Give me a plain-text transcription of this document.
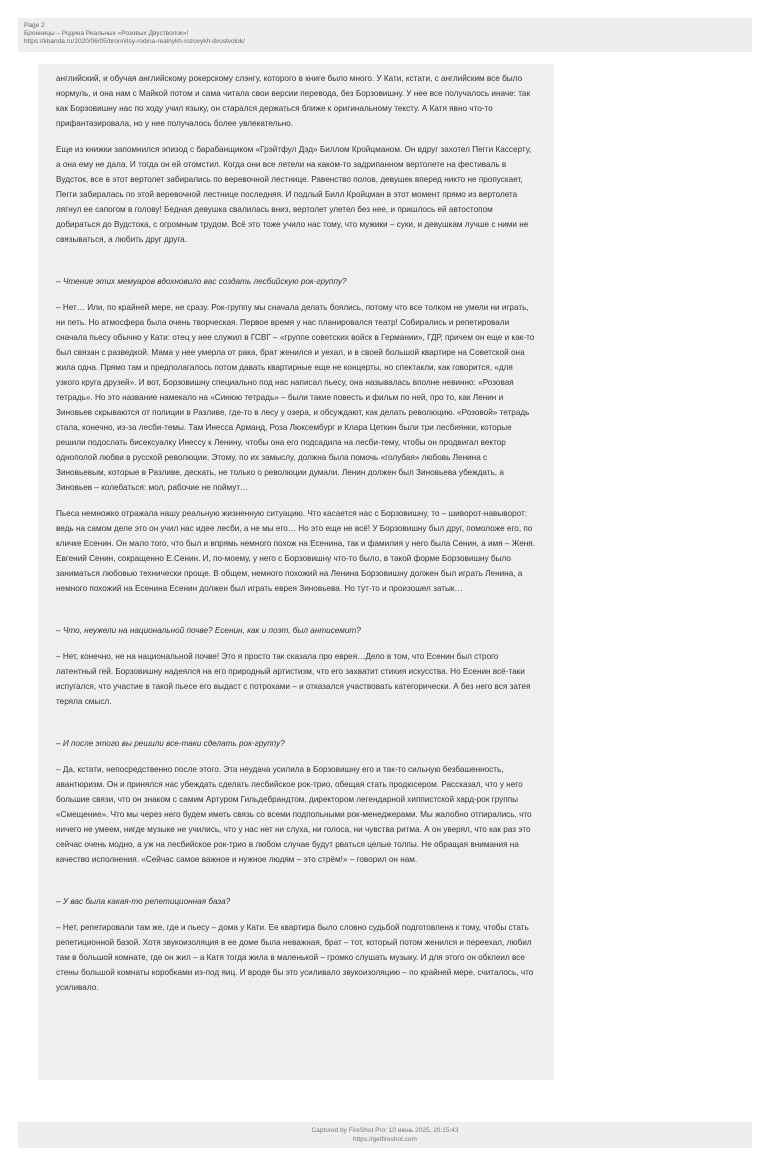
Page 2
Бронницы – Родина Реальных «Розовых Двустволок»!
https://kbanda.ru/2020/06/05/bronnitsy-rodina-realnykh-rozovykh-dvustvolok/

английский, и обучая английскому рокерскому слэнгу, которого в книге было много. У Кати, кстати, с английским все было нормуль, и она нам с Майкой потом и сама читала свои версии перевода, без Борзовишну. У нее все получалось иначе: так как Борзовишну нас по ходу учил языку, он старался держаться ближе к оригинальному тексту. А Катя явно что-то прифантазировала, но у нее получалось более увлекательно.

Еще из книжки запомнился эпизод с барабанщиком «Грэйтфул Дэд» Биллом Кройцманом. Он вдруг захотел Пегги Кассерту, а она ему не дала. И тогда он ей отомстил. Когда они все летели на каком-то задрипанном вертолете на фестиваль в Вудсток, все в этот вертолет забирались по веревочной лестнице. Равенство полов, девушек вперед никто не пропускает, Пегги забиралась по этой веревочной лестнице последняя. И подлый Билл Кройцман в этот момент прямо из вертолета лягнул ее сапогом в голову! Бедная девушка свалилась вниз, вертолет улетел без нее, и пришлось ей автостопом добираться до Вудстока, с огромным трудом. Всё это тоже учило нас тому, что мужики – суки, и девушкам лучше с ними не связываться, а любить друг друга.

– Чтение этих мемуаров вдохновило вас создать лесбийскую рок-группу?

– Нет… Или, по крайней мере, не сразу. Рок-группу мы сначала делать боялись, потому что все толком не умели ни играть, ни петь. Но атмосфера была очень творческая. Первое время у нас планировался театр! Собирались и репетировали сначала пьесу обычно у Кати: отец у нее служил в ГСВГ – «группе советских войск в Германии», ГДР, причем он еще и как-то был связан с разведкой. Мама у нее умерла от рака, брат женился и уехал, и в своей большой квартире на Советской она жила одна. Прямо там и предполагалось потом давать квартирные еще не концерты, но спектакли, как говорится, «для узкого круга друзей». И вот, Борзовишну специально под нас написал пьесу, она называлась вполне невинно: «Розовая тетрадь». Но это название намекало на «Синюю тетрадь» – были такие повесть и фильм по ней, про то, как Ленин и Зиновьев скрываются от полиции в Разливе, где-то в лесу у озера, и обсуждают, как делать революцию. «Розовой» тетрадь стала, конечно, из-за лесби-темы. Там Инесса Арманд, Роза Люксембург и Клара Цеткин были три лесбиянки, которые решили подослать бисексуалку Инессу к Ленину, чтобы она его подсадила на лесби-тему, чтобы он продвигал вектор однополой любви в русской революции. Этому, по их замыслу, должна была помочь «голубая» любовь Ленина с Зиновьевым, которые в Разливе, дескать, не только о революции думали. Ленин должен был Зиновьева убеждать, а Зиновьев – колебаться: мол, рабочие не поймут…

Пьеса немножко отражала нашу реальную жизненную ситуацию. Что касается нас с Борзовишну, то – шиворот-навыворот: ведь на самом деле это он учил нас идее лесби, а не мы его… Но это еще не всё! У Борзовишну был друг, помоложе его, по кличке Есенин. Он мало того, что был и впрямь немного похож на Есенина, так и фамилия у него была Сенин, а имя – Женя. Евгений Сенин, сокращенно Е.Сенин. И, по-моему, у него с Борзовишну что-то было, в такой форме Борзовишну было заниматься любовью технически проще. В общем, немного похожий на Ленина Борзовишну должен был играть Ленина, а немного похожий на Есенина Есенин должен был играть еврея Зиновьева. Но тут-то и произошел затык…

– Что, неужели на национальной почве? Есенин, как и поэт, был антисемит?

– Нет, конечно, не на национальной почве! Это я просто так сказала про еврея…Дело в том, что Есенин был строго латентный гей. Борзовишну надеялся на его природный артистизм, что его захватит стихия искусства. Но Есенин всё-таки испугался, что участие в такой пьесе его выдаст с потрохами – и отказался участвовать категорически. А без него вся затея теряла смысл.

– И после этого вы решили все-таки сделать рок-группу?

– Да, кстати, непосредственно после этого. Эта неудача усилила в Борзовишну его и так-то сильную безбашенность, авантюризм. Он и принялся нас убеждать сделать лесбийское рок-трио, обещая стать продюсером. Рассказал, что у него большие связи, что он знаком с самим Артуром Гильдебрандтом, директором легендарной хиппистской хард-рок группы «Смещение». Что мы через него будем иметь связь со всеми подпольными рок-менеджерами. Мы жалобно отпирались, что ничего не умеем, нигде музыке не учились, что у нас нет ни слуха, ни голоса, ни чувства ритма. А он уверял, что как раз это сейчас очень модно, а уж на лесбийское рок-трио в любом случае будут рваться целые толпы. Не обращая внимания на качество исполнения. «Сейчас самое важное и нужное людям – это стрём!» – говорил он нам.

– У вас была какая-то репетиционная база?

– Нет, репетировали там же, где и пьесу – дома у Кати. Ее квартира было словно судьбой подготовлена к тому, чтобы стать репетиционной базой. Хотя звукоизоляция в ее доме была неважная, брат – тот, который потом женился и переехал, любил там в большой комнате, где он жил – а Катя тогда жила в маленькой – громко слушать музыку. И для этого он обклеил все стены большой комнаты коробками из-под яиц. И вроде бы это усиливало звукоизоляцию – по крайней мере, считалось, что усиливало.

Captured by FireShot Pro: 10 июнь 2025, 20:15:43
https://getfireshot.com
